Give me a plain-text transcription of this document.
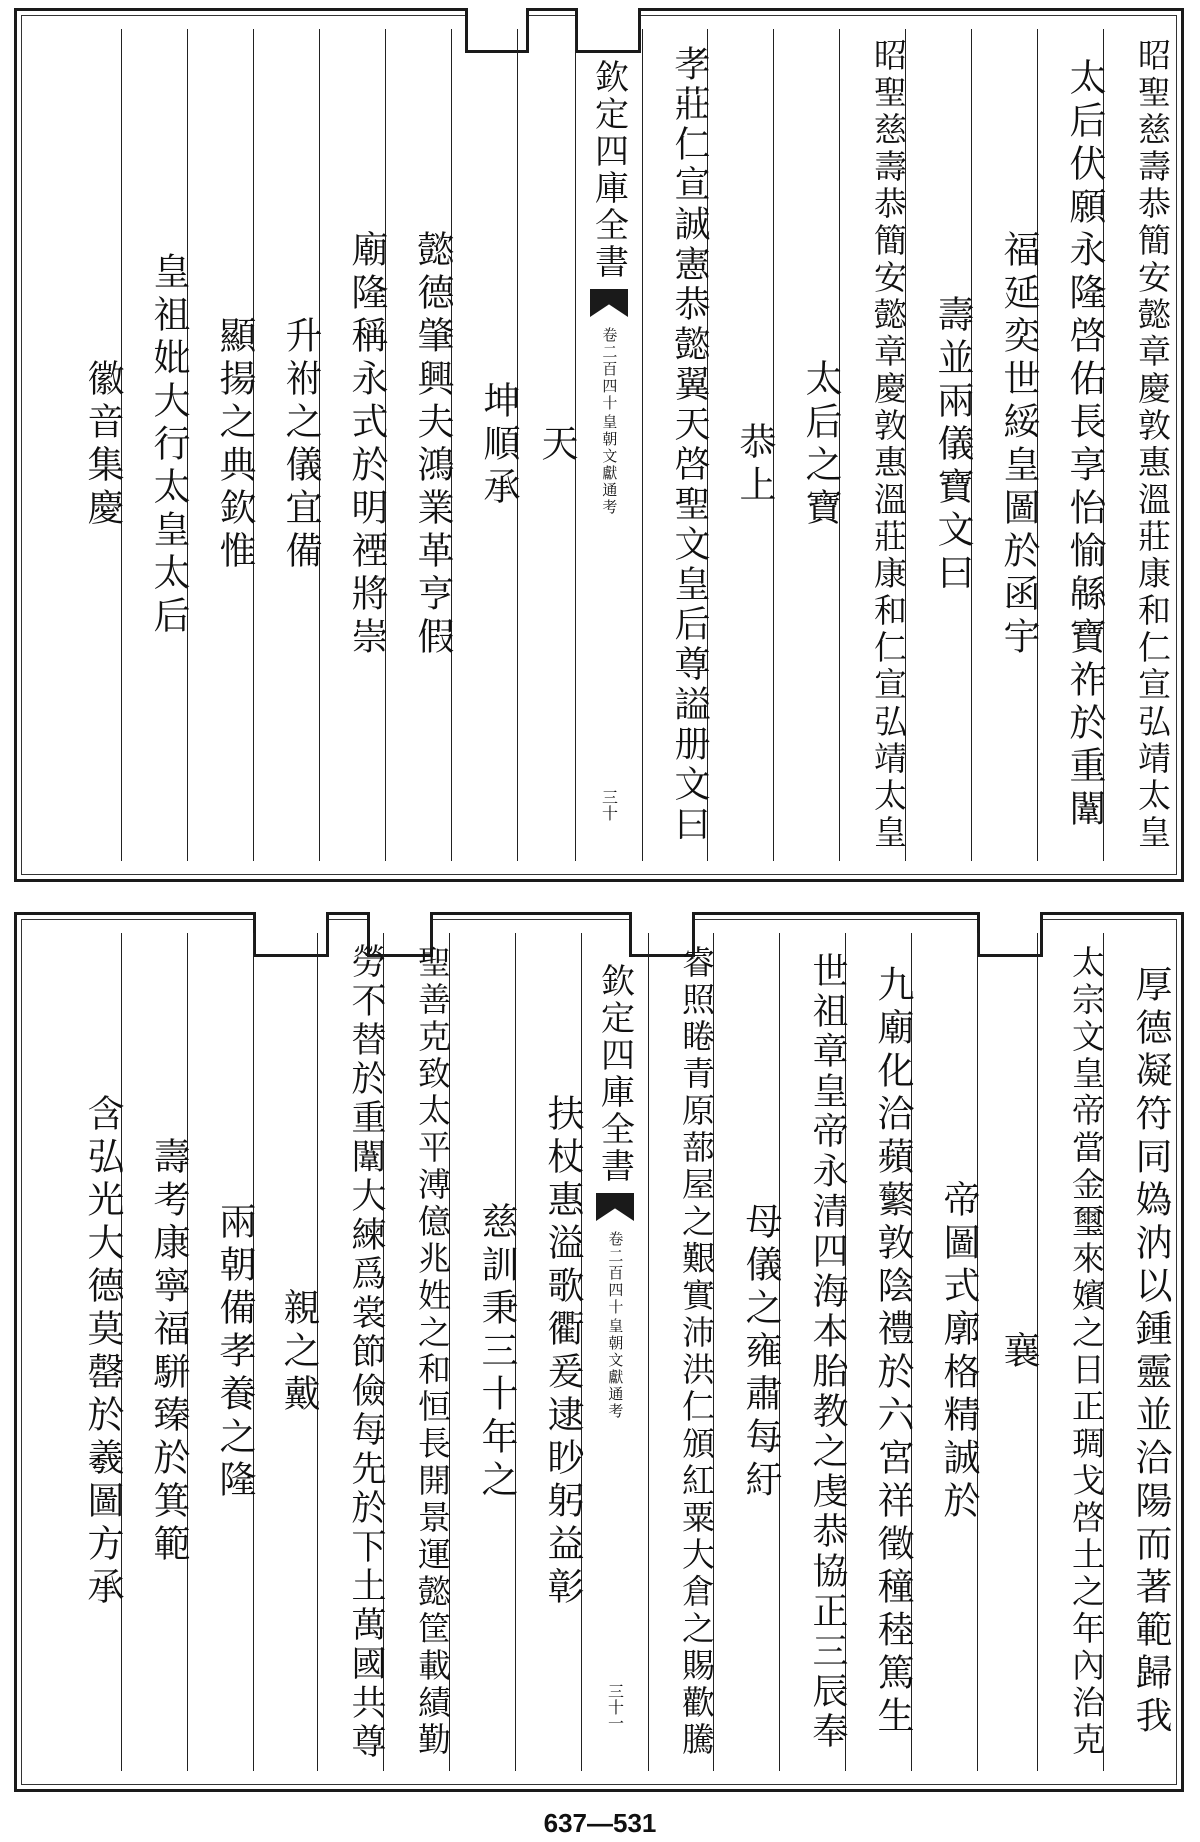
昭聖慈壽恭簡安懿章慶敦惠溫莊康和仁宣弘靖太皇
太后伏願永隆啓佑長享怡愉緜寶祚於重闈
福延奕世綏皇圖於函宇
壽並兩儀寶文曰
昭聖慈壽恭簡安懿章慶敦惠溫莊康和仁宣弘靖太皇
太后之寶
恭上
孝莊仁宣誠憲恭懿翼天啓聖文皇后尊謚册文曰
欽定四庫全書
皇朝文獻通考
卷二百四十
三十
天
坤順承
懿德肇興夫鴻業革亨假
廟隆稱永式於明禋將崇
升祔之儀宜備
顯揚之典欽惟
皇祖妣大行太皇太后
徽音集慶
厚德凝符同媯汭以鍾靈並洽陽而著範歸我
太宗文皇帝當金璽來嬪之日正琱戈啓土之年內治克
襄
帝圖式廓格精誠於
九廟化洽蘋蘩敦陰禮於六宮祥徵穜稑篤生
世祖章皇帝永清四海本胎教之虔恭協正三辰奉
母儀之雍肅每紆
睿照睠青原蔀屋之艱實沛洪仁頒紅粟大倉之賜歡騰
欽定四庫全書
皇朝文獻通考
卷二百四十
三十一
扶杖惠溢歌衢爰逮眇躬益彰
慈訓秉三十年之
聖善克致太平溥億兆姓之和恒長開景運懿筐載績勤
勞不替於重闈大練爲裳節儉每先於下土萬國共尊
親之戴
兩朝備孝養之隆
壽考康寧福駢臻於箕範
含弘光大德莫罄於羲圖方承
637—531
